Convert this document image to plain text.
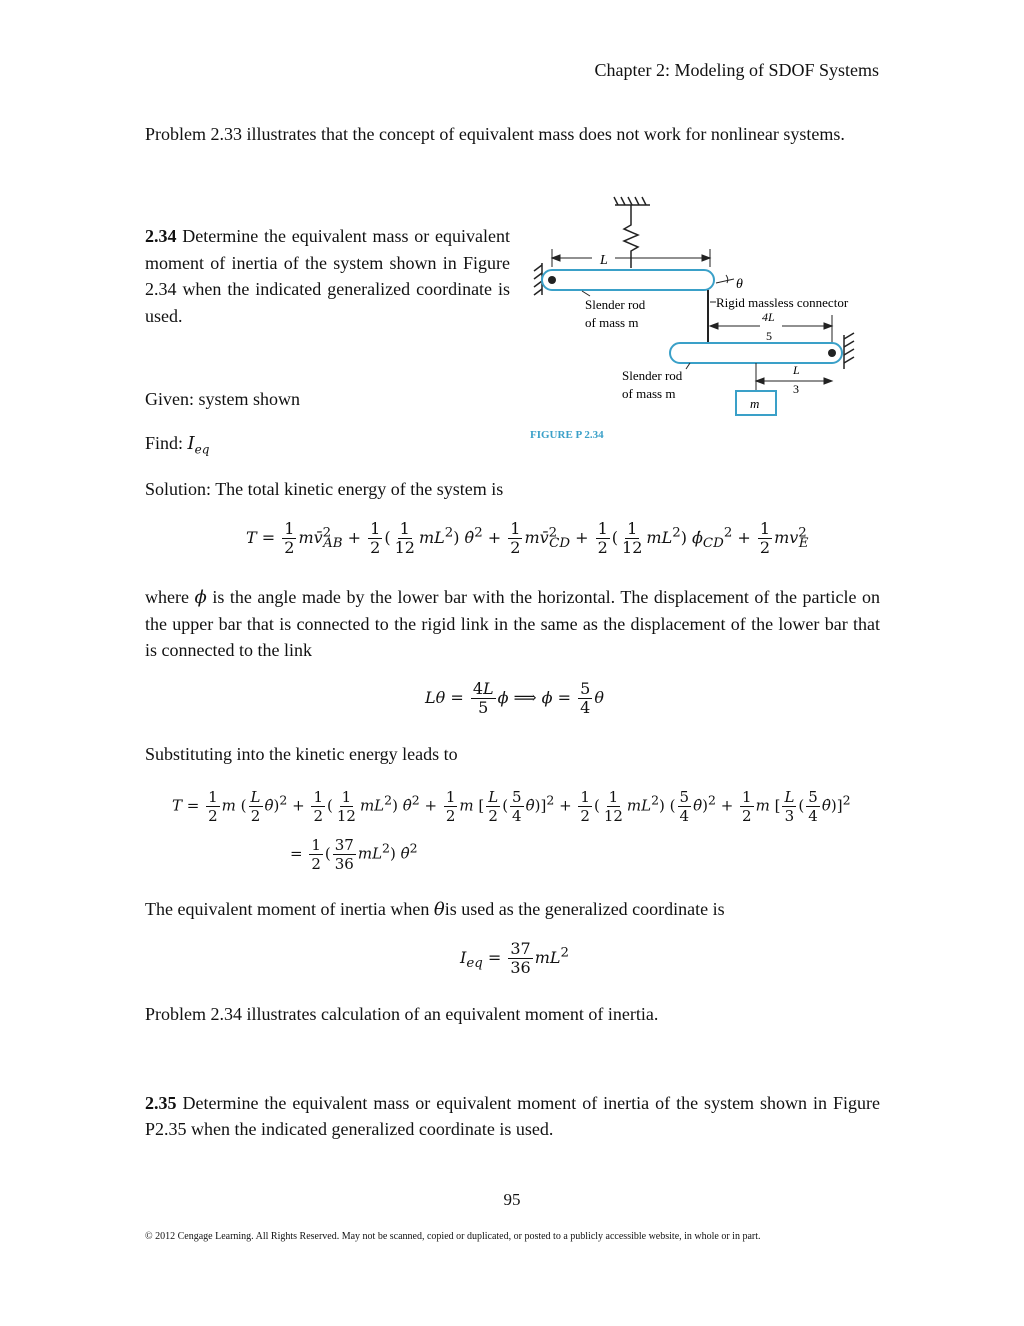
Chapter 2: Modeling of SDOF Systems
Problem 2.33 illustrates that the concept of equivalent mass does not work for nonlinear systems.
2.34 Determine the equivalent mass or equivalent moment of inertia of the system shown in Figure 2.34 when the indicated generalized coordinate is used.
Given: system shown
Find: $I_{eq}$
L
θ
Slender rod
of mass m
Rigid massless connector
4L
5
Slender rod
of mass m
L
3
m
FIGURE P 2.34
Solution: The total kinetic energy of the system is
$T = \frac{1}{2}$ mv̄$^2_{AB}$ + $\frac{1}{2}$ ( $\frac{1}{12} mL^2$) θ̇$^2$ + $\frac{1}{2}$ mv̄$^2_{CD}$ + $\frac{1}{2}$ ( $\frac{1}{12} mL^2$) $\phi̇_{CD}^2 + \frac{1}{2} mv^2_E$
where ϕ is the angle made by the lower bar with the horizontal. The displacement of the particle on the upper bar that is connected to the rigid link in the same as the displacement of the lower bar that is connected to the link
$L\theta = \frac{4L}{5}$ ϕ ⟹ $\phi = \frac{5}{4}$ θ
Substituting into the kinetic energy leads to
$T = \frac{1}{2}$ m ( $\frac{L}{2}$ θ̇)$^2$ + $\frac{1}{2}$ ( $\frac{1}{12} mL^2$) θ̇$^2$ + $\frac{1}{2}$ m [ $\frac{L}{2}$ ( $\frac{5}{4}$ θ̇)]$^2$ + $\frac{1}{2}$ ( $\frac{1}{12} mL^2$) ( $\frac{5}{4}$ θ̇)$^2$ + $\frac{1}{2}$ m [ $\frac{L}{3}$ ( $\frac{5}{4}$ θ̇)]$^2$
= $\frac{1}{2}$ ( $\frac{37}{36} mL^2$) θ̇$^2$
The equivalent moment of inertia when θis used as the generalized coordinate is
$I_{eq} = \frac{37}{36} mL^2$
Problem 2.34 illustrates calculation of an equivalent moment of inertia.
2.35 Determine the equivalent mass or equivalent moment of inertia of the system shown in Figure P2.35 when the indicated generalized coordinate is used.
95
© 2012 Cengage Learning. All Rights Reserved. May not be scanned, copied or duplicated, or posted to a publicly accessible website, in whole or in part.
